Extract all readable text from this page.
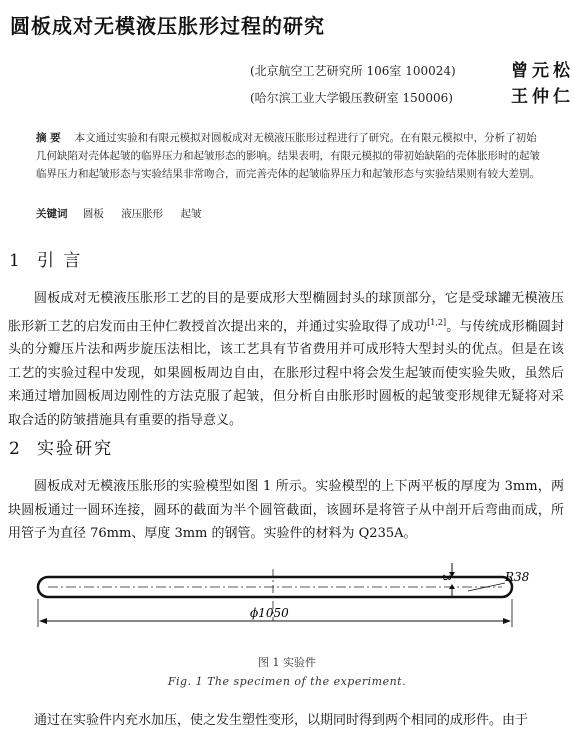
圆板成对无模液压胀形过程的研究
(北京航空工艺研究所 106室 100024)	曾元松
(哈尔滨工业大学锻压教研室 150006)	王仲仁
摘 要 本文通过实验和有限元模拟对圆板成对无模液压胀形过程进行了研究。在有限元模拟中，分析了初始几何缺陷对壳体起皱的临界压力和起皱形态的影响。结果表明，有限元模拟的带初始缺陷的壳体胀形时的起皱临界压力和起皱形态与实验结果非常吻合，而完善壳体的起皱临界压力和起皱形态与实验结果则有较大差别。
关键词 圆板 液压胀形 起皱
1 引 言

圆板成对无模液压胀形工艺的目的是要成形大型椭圆封头的球顶部分，它是受球罐无模液压胀形新工艺的启发而由王仲仁教授首次提出来的，并通过实验取得了成功[1,2]。与传统成形椭圆封头的分瓣压片法和两步旋压法相比，该工艺具有节省费用并可成形特大型封头的优点。但是在该工艺的实验过程中发现，如果圆板周边自由，在胀形过程中将会发生起皱而使实验失败，虽然后来通过增加圆板周边刚性的方法克服了起皱，但分析自由胀形时圆板的起皱变形规律无疑将对采取合适的防皱措施具有重要的指导意义。

2 实验研究

圆板成对无模液压胀形的实验模型如图 1 所示。实验模型的上下两平板的厚度为 3mm，两块圆板通过一圆环连接，圆环的截面为半个圆管截面，该圆环是将管子从中剖开后弯曲而成，所用管子为直径 76mm、厚度 3mm 的钢管。实验件的材料为 Q235A。

3	R38
ϕ1050
图 1 实验件
Fig. 1 The specimen of the experiment.

通过在实验件内充水加压，使之发生塑性变形，以期同时得到两个相同的成形件。由于
